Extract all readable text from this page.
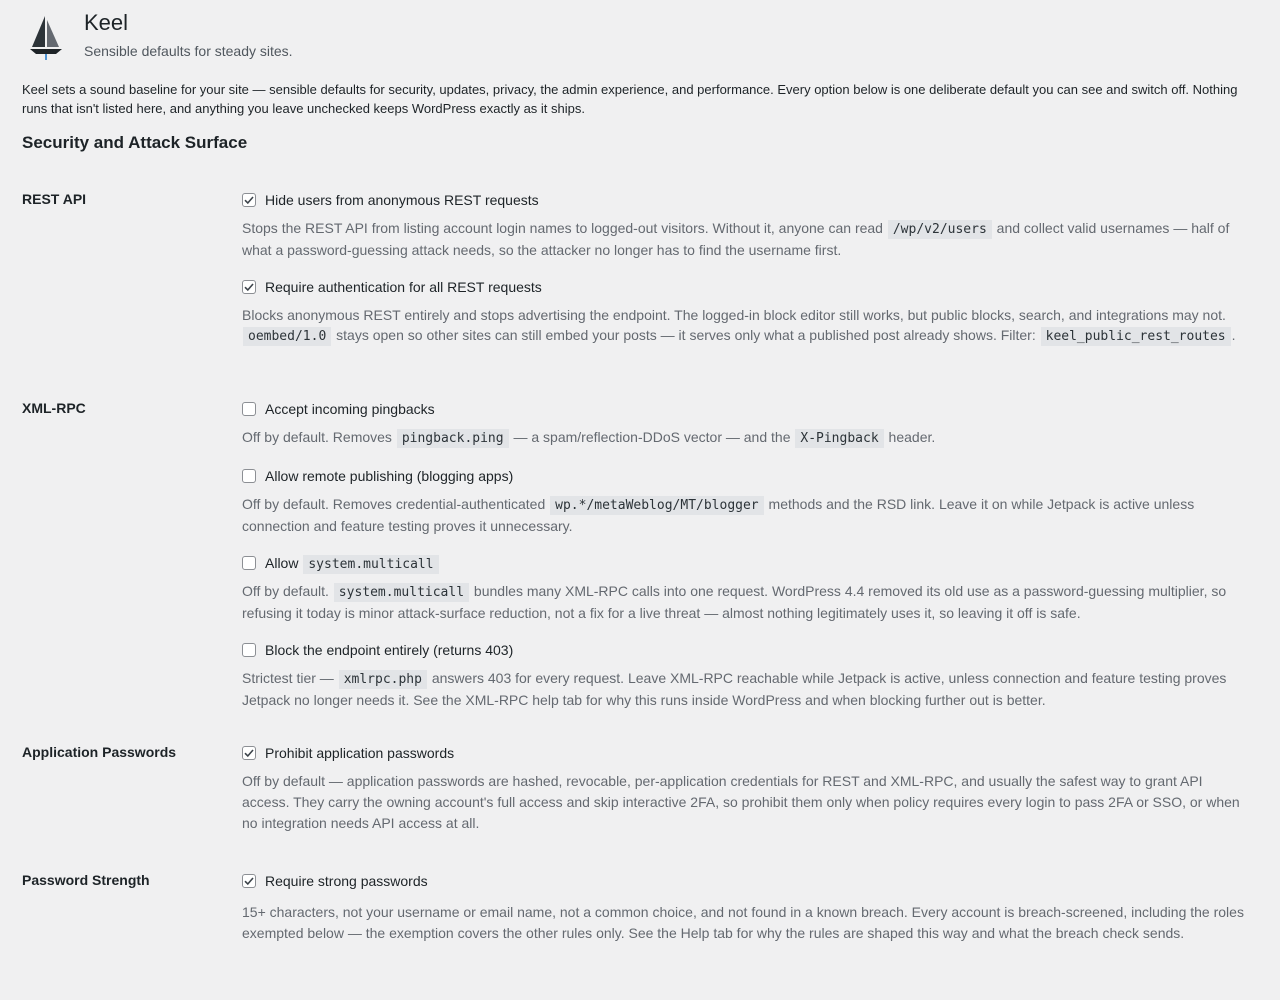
Keel
Sensible defaults for steady sites.

Keel sets a sound baseline for your site — sensible defaults for security, updates, privacy, the admin experience, and performance. Every option below is one deliberate default you can see and switch off. Nothing runs that isn't listed here, and anything you leave unchecked keeps WordPress exactly as it ships.

Security and Attack Surface
REST API	Hide users from anonymous REST requests

Stops the REST API from listing account login names to logged-out visitors. Without it, anyone can read /wp/v2/users and collect valid usernames — half of what a password-guessing attack needs, so the attacker no longer has to find the username first.

Require authentication for all REST requests

Blocks anonymous REST entirely and stops advertising the endpoint. The logged-in block editor still works, but public blocks, search, and integrations may not. oembed/1.0 stays open so other sites can still embed your posts — it serves only what a published post already shows. Filter: keel_public_rest_routes .

XML-RPC	Accept incoming pingbacks

Off by default. Removes pingback.ping — a spam/reflection-DDoS vector — and the X-Pingback header.

Allow remote publishing (blogging apps)

Off by default. Removes credential-authenticated wp.*/metaWeblog/MT/blogger methods and the RSD link. Leave it on while Jetpack is active unless connection and feature testing proves it unnecessary.

Allow system.multicall

Off by default. system.multicall bundles many XML-RPC calls into one request. WordPress 4.4 removed its old use as a password-guessing multiplier, so refusing it today is minor attack-surface reduction, not a fix for a live threat — almost nothing legitimately uses it, so leaving it off is safe.

Block the endpoint entirely (returns 403)

Strictest tier — xmlrpc.php answers 403 for every request. Leave XML-RPC reachable while Jetpack is active, unless connection and feature testing proves Jetpack no longer needs it. See the XML-RPC help tab for why this runs inside WordPress and when blocking further out is better.

Application Passwords	Prohibit application passwords

Off by default — application passwords are hashed, revocable, per-application credentials for REST and XML-RPC, and usually the safest way to grant API access. They carry the owning account's full access and skip interactive 2FA, so prohibit them only when policy requires every login to pass 2FA or SSO, or when no integration needs API access at all.

Password Strength	Require strong passwords

15+ characters, not your username or email name, not a common choice, and not found in a known breach. Every account is breach-screened, including the roles exempted below — the exemption covers the other rules only. See the Help tab for why the rules are shaped this way and what the breach check sends.
